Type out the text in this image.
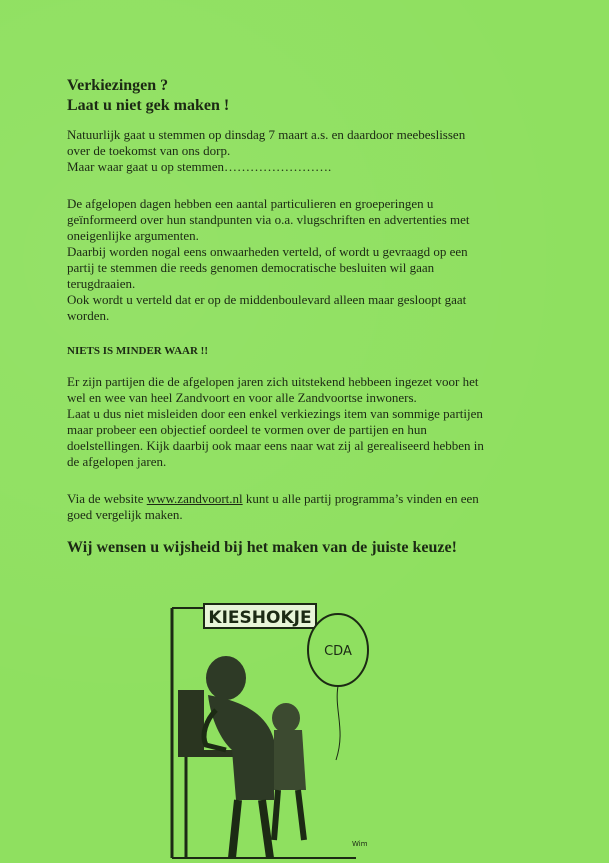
Verkiezingen ?
Laat u niet gek maken !
Natuurlijk gaat u stemmen op dinsdag 7 maart a.s. en daardoor meebeslissen
over de toekomst van ons dorp.
Maar waar gaat u op stemmen…………………….
De afgelopen dagen hebben een aantal particulieren en groeperingen u
geïnformeerd over hun standpunten via o.a. vlugschriften en advertenties met
oneigenlijke argumenten.
Daarbij worden nogal eens onwaarheden verteld, of wordt u gevraagd op een
partij te stemmen die reeds genomen democratische besluiten wil gaan
terugdraaien.
Ook wordt u verteld dat er op de middenboulevard alleen maar gesloopt gaat
worden.
NIETS IS MINDER WAAR !!
Er zijn partijen die de afgelopen jaren zich uitstekend hebbeen ingezet voor het
wel en wee van heel Zandvoort en voor alle Zandvoortse inwoners.
Laat u dus niet misleiden door een enkel verkiezings item van sommige partijen
maar probeer een objectief oordeel te vormen over de partijen en hun
doelstellingen. Kijk daarbij ook maar eens naar wat zij al gerealiseerd hebben in
de afgelopen jaren.
Via de website www.zandvoort.nl kunt u alle partij programma’s vinden en een
goed vergelijk maken.
Wij wensen u wijsheid bij het maken van de juiste keuze!
KIESHOKJE
CDA
Wim
